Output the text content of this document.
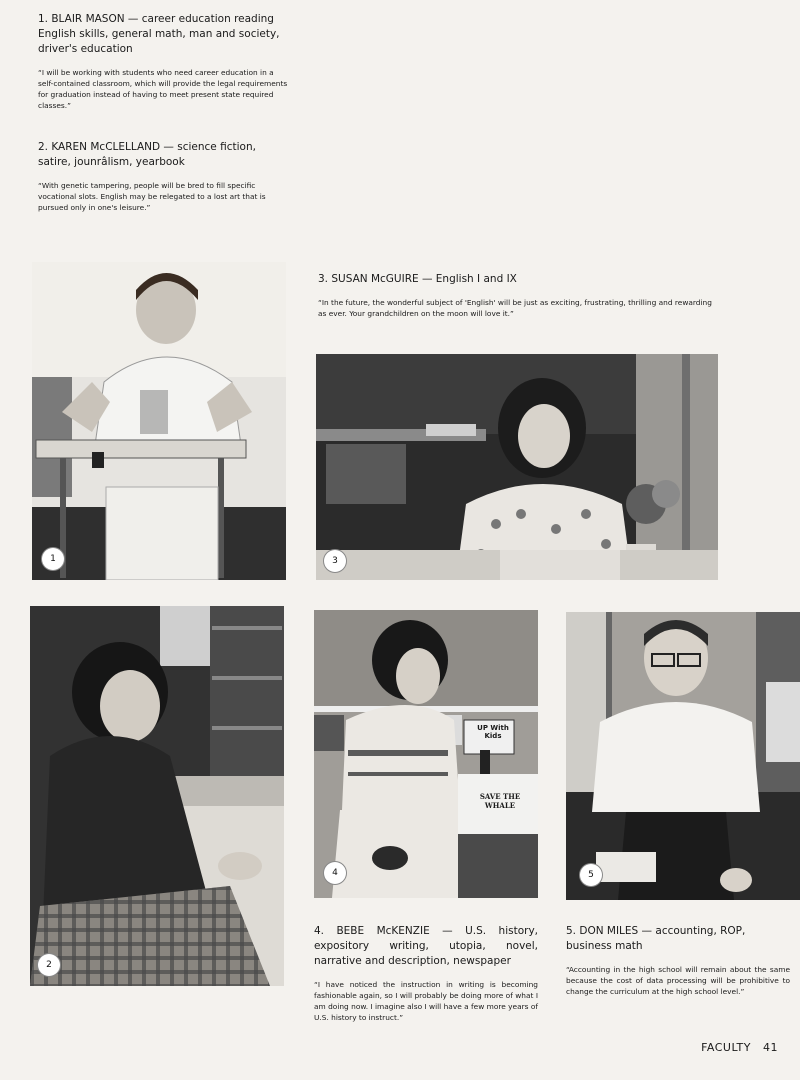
1. BLAIR MASON — career education reading English skills, general math, man and society, driver's education

“I will be working with students who need career education in a self-contained classroom, which will provide the legal requirements for graduation instead of having to meet present state required classes.”

2. KAREN McCLELLAND — science fiction, satire, jounrâlism, yearbook

“With genetic tampering, people will be bred to fill specific vocational slots. English may be relegated to a lost art that is pursued only in one's leisure.”

3. SUSAN McGUIRE — English I and IX

“In the future, the wonderful subject of 'English' will be just as exciting, frustrating, thrilling and rewarding as ever. Your grandchildren on the moon will love it.”

1	3
2
UP With Kids
SAVE THE WHALE
4	5

4. BEBE McKENZIE — U.S. history, expository writing, utopia, novel, narrative and description, newspaper

“I have noticed the instruction in writing is becoming fashionable again, so I will probably be doing more of what I am doing now. I imagine also I will have a few more years of U.S. history to instruct.”

5. DON MILES — accounting, ROP, business math

“Accounting in the high school will remain about the same because the cost of data processing will be prohibitive to change the curriculum at the high school level.”

FACULTY 41
